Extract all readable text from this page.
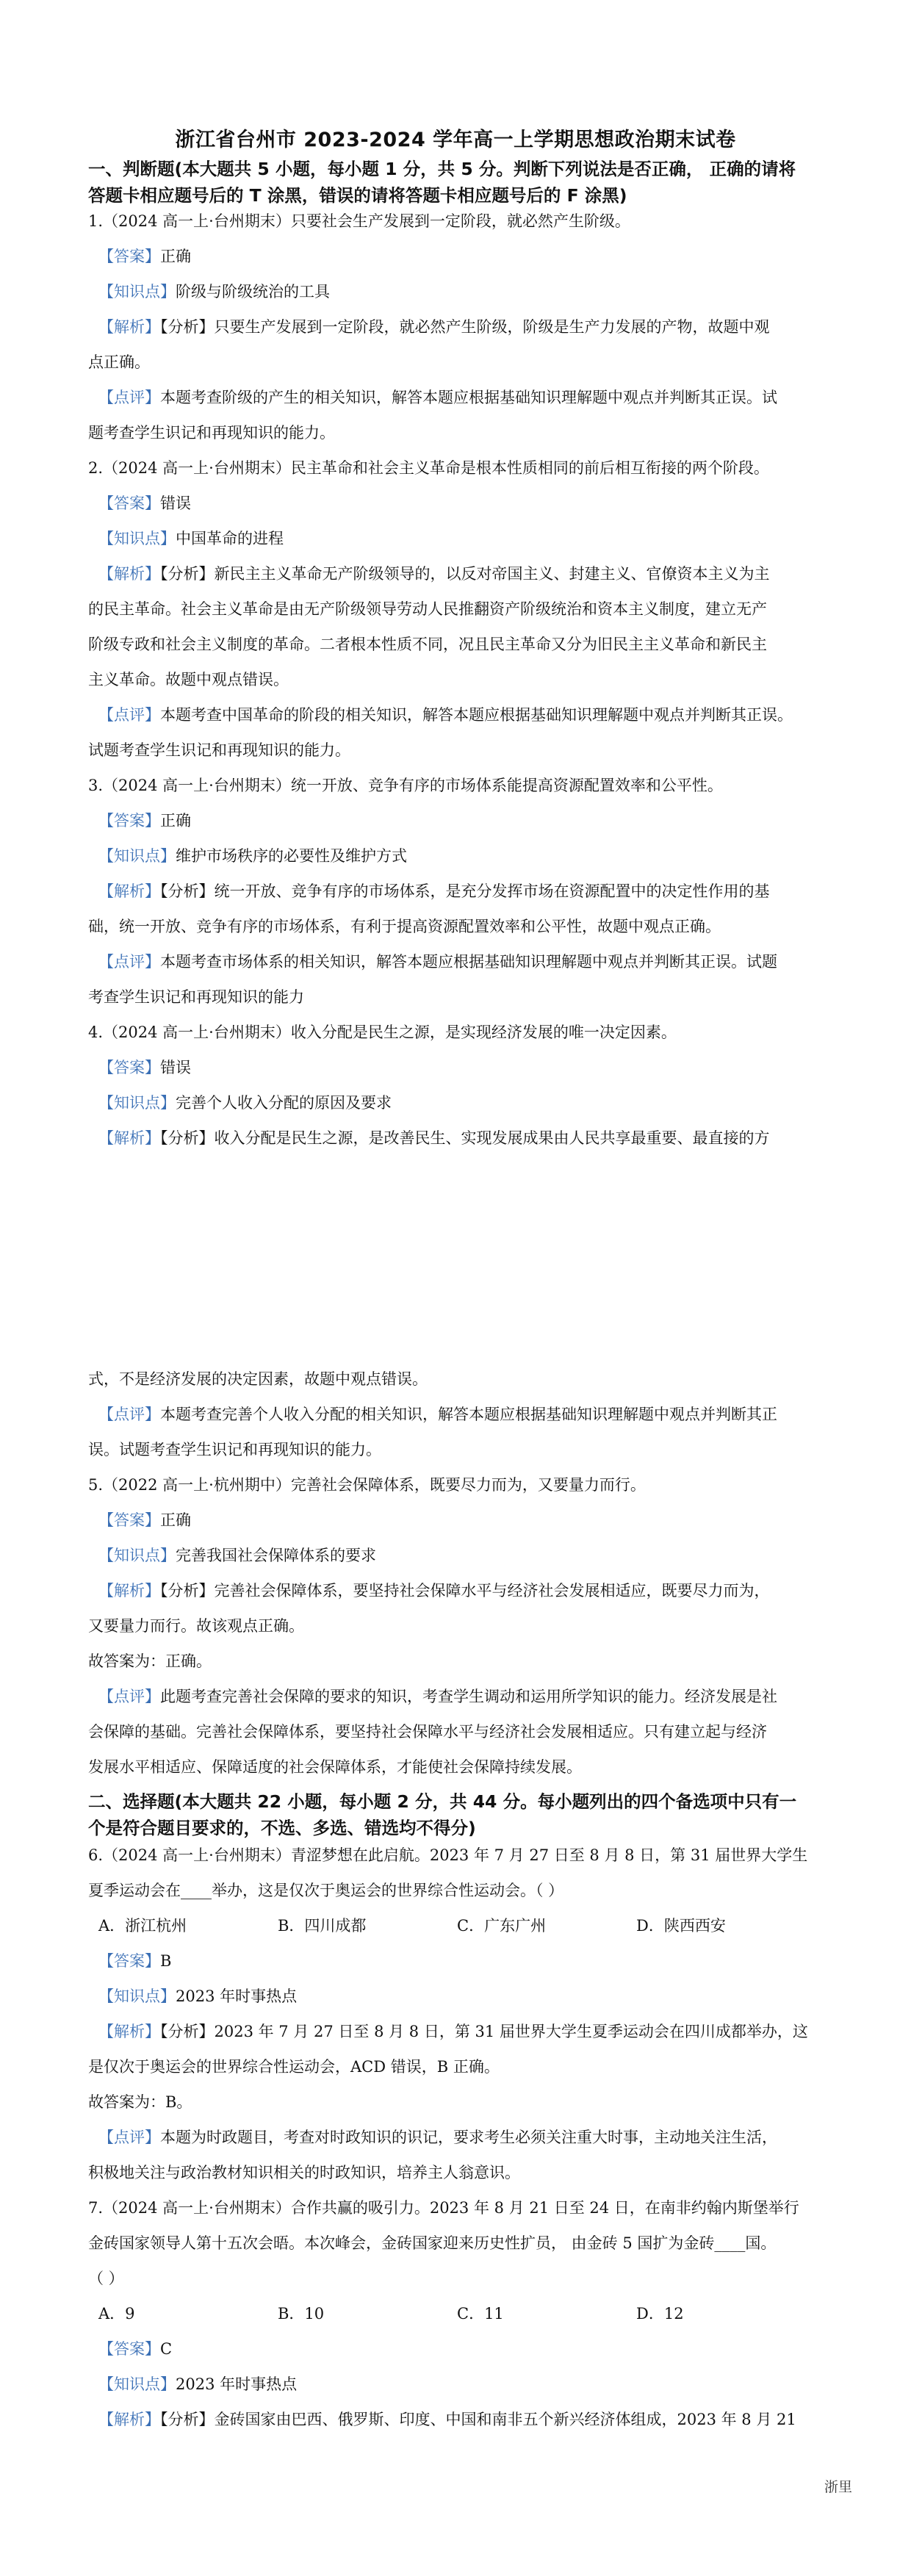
浙江省台州市 2023-2024 学年高一上学期思想政治期末试卷
一、判断题(本大题共 5 小题，每小题 1 分，共 5 分。判断下列说法是否正确， 正确的请将
答题卡相应题号后的 T 涂黑，错误的请将答题卡相应题号后的 F 涂黑)
1.（2024 高一上·台州期末）只要社会生产发展到一定阶段，就必然产生阶级。
【答案】正确
【知识点】阶级与阶级统治的工具
【解析】【分析】只要生产发展到一定阶段，就必然产生阶级，阶级是生产力发展的产物，故题中观
点正确。
【点评】本题考查阶级的产生的相关知识，解答本题应根据基础知识理解题中观点并判断其正误。试
题考查学生识记和再现知识的能力。
2.（2024 高一上·台州期末）民主革命和社会主义革命是根本性质相同的前后相互衔接的两个阶段。
【答案】错误
【知识点】中国革命的进程
【解析】【分析】新民主主义革命无产阶级领导的，以反对帝国主义、封建主义、官僚资本主义为主
的民主革命。社会主义革命是由无产阶级领导劳动人民推翻资产阶级统治和资本主义制度，建立无产
阶级专政和社会主义制度的革命。二者根本性质不同，况且民主革命又分为旧民主主义革命和新民主
主义革命。故题中观点错误。
【点评】本题考查中国革命的阶段的相关知识，解答本题应根据基础知识理解题中观点并判断其正误。
试题考查学生识记和再现知识的能力。
3.（2024 高一上·台州期末）统一开放、竞争有序的市场体系能提高资源配置效率和公平性。
【答案】正确
【知识点】维护市场秩序的必要性及维护方式
【解析】【分析】统一开放、竞争有序的市场体系，是充分发挥市场在资源配置中的决定性作用的基
础，统一开放、竞争有序的市场体系，有利于提高资源配置效率和公平性，故题中观点正确。
【点评】本题考查市场体系的相关知识，解答本题应根据基础知识理解题中观点并判断其正误。试题
考查学生识记和再现知识的能力
4.（2024 高一上·台州期末）收入分配是民生之源，是实现经济发展的唯一决定因素。
【答案】错误
【知识点】完善个人收入分配的原因及要求
【解析】【分析】收入分配是民生之源，是改善民生、实现发展成果由人民共享最重要、最直接的方
式，不是经济发展的决定因素，故题中观点错误。
【点评】本题考查完善个人收入分配的相关知识，解答本题应根据基础知识理解题中观点并判断其正
误。试题考查学生识记和再现知识的能力。
5.（2022 高一上·杭州期中）完善社会保障体系，既要尽力而为，又要量力而行。
【答案】正确
【知识点】完善我国社会保障体系的要求
【解析】【分析】完善社会保障体系，要坚持社会保障水平与经济社会发展相适应，既要尽力而为，
又要量力而行。故该观点正确。
故答案为：正确。
【点评】此题考查完善社会保障的要求的知识，考查学生调动和运用所学知识的能力。经济发展是社
会保障的基础。完善社会保障体系，要坚持社会保障水平与经济社会发展相适应。只有建立起与经济
发展水平相适应、保障适度的社会保障体系，才能使社会保障持续发展。
二、选择题(本大题共 22 小题，每小题 2 分，共 44 分。每小题列出的四个备选项中只有一
个是符合题目要求的，不选、多选、错选均不得分)
6.（2024 高一上·台州期末）青涩梦想在此启航。2023 年 7 月 27 日至 8 月 8 日，第 31 届世界大学生
夏季运动会在____举办，这是仅次于奥运会的世界综合性运动会。（ ）
A．浙江杭州	B．四川成都	C．广东广州	D．陕西西安
【答案】B
【知识点】2023 年时事热点
【解析】【分析】2023 年 7 月 27 日至 8 月 8 日，第 31 届世界大学生夏季运动会在四川成都举办，这
是仅次于奥运会的世界综合性运动会，ACD 错误，B 正确。
故答案为：B。
【点评】本题为时政题目，考查对时政知识的识记，要求考生必须关注重大时事，主动地关注生活，
积极地关注与政治教材知识相关的时政知识，培养主人翁意识。
7.（2024 高一上·台州期末）合作共赢的吸引力。2023 年 8 月 21 日至 24 日，在南非约翰内斯堡举行
金砖国家领导人第十五次会晤。本次峰会，金砖国家迎来历史性扩员， 由金砖 5 国扩为金砖____国。
（ ）
A．9	B．10	C．11	D．12
【答案】C
【知识点】2023 年时事热点
【解析】【分析】金砖国家由巴西、俄罗斯、印度、中国和南非五个新兴经济体组成，2023 年 8 月 21
浙里
